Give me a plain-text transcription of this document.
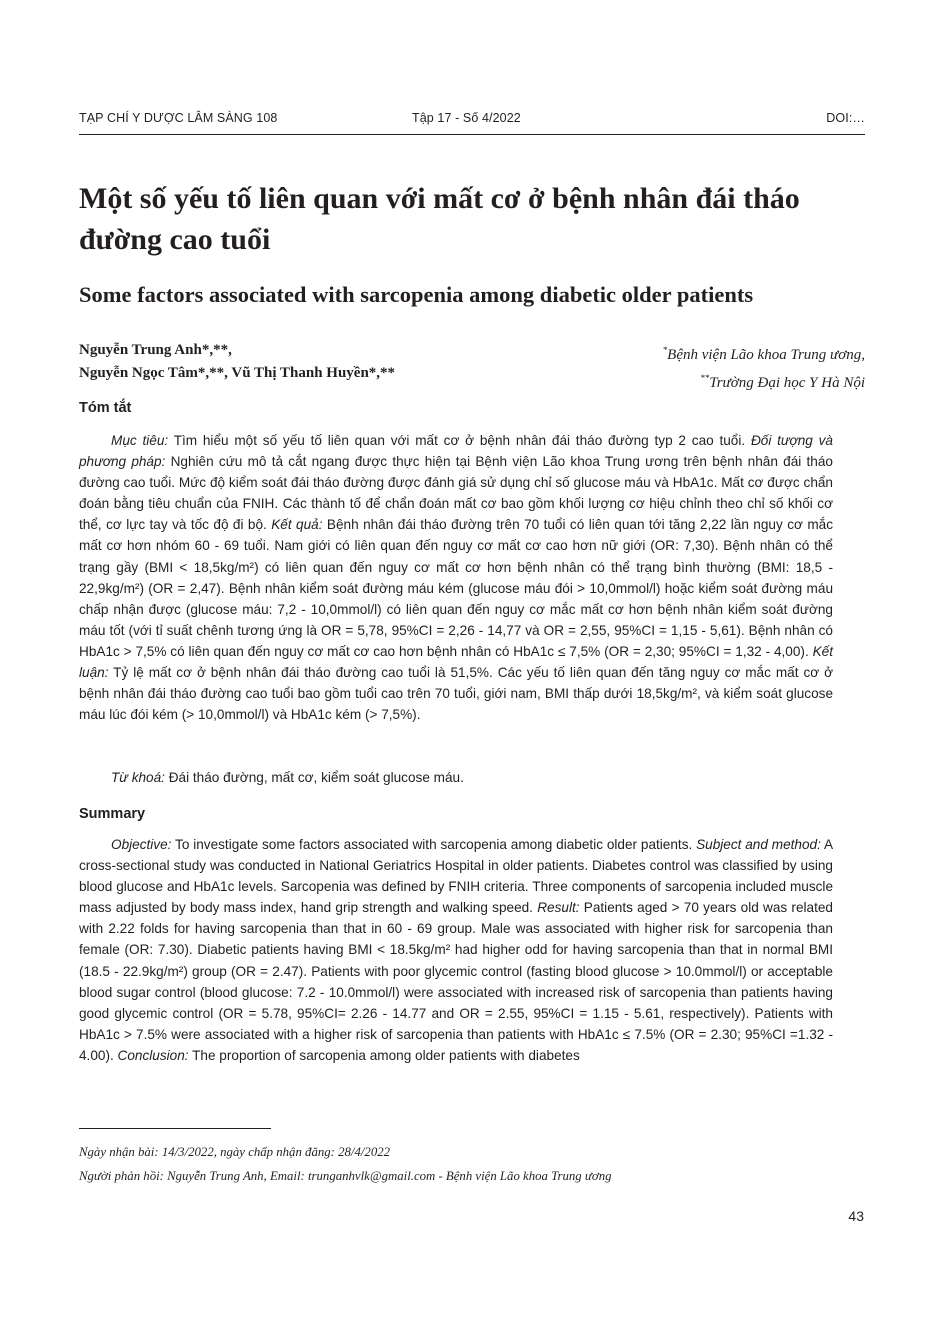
TẠP CHÍ Y DƯỢC LÂM SÀNG 108	Tập 17 - Số 4/2022	DOI:…
Một số yếu tố liên quan với mất cơ ở bệnh nhân đái tháo đường cao tuổi
Some factors associated with sarcopenia among diabetic older patients
Nguyễn Trung Anh*,**,
Nguyễn Ngọc Tâm*,**, Vũ Thị Thanh Huyền*,**
*Bệnh viện Lão khoa Trung ương,
**Trường Đại học Y Hà Nội
Tóm tắt

Mục tiêu: Tìm hiểu một số yếu tố liên quan với mất cơ ở bệnh nhân đái tháo đường typ 2 cao tuổi. Đối tượng và phương pháp: Nghiên cứu mô tả cắt ngang được thực hiện tại Bệnh viện Lão khoa Trung ương trên bệnh nhân đái tháo đường cao tuổi. Mức độ kiểm soát đái tháo đường được đánh giá sử dụng chỉ số glucose máu và HbA1c. Mất cơ được chẩn đoán bằng tiêu chuẩn của FNIH. Các thành tố để chẩn đoán mất cơ bao gồm khối lượng cơ hiệu chỉnh theo chỉ số khối cơ thể, cơ lực tay và tốc độ đi bộ. Kết quả: Bệnh nhân đái tháo đường trên 70 tuổi có liên quan tới tăng 2,22 lần nguy cơ mắc mất cơ hơn nhóm 60 - 69 tuổi. Nam giới có liên quan đến nguy cơ mất cơ cao hơn nữ giới (OR: 7,30). Bệnh nhân có thể trạng gầy (BMI < 18,5kg/m²) có liên quan đến nguy cơ mất cơ hơn bệnh nhân có thể trạng bình thường (BMI: 18,5 - 22,9kg/m²) (OR = 2,47). Bệnh nhân kiểm soát đường máu kém (glucose máu đói > 10,0mmol/l) hoặc kiểm soát đường máu chấp nhận được (glucose máu: 7,2 - 10,0mmol/l) có liên quan đến nguy cơ mắc mất cơ hơn bệnh nhân kiểm soát đường máu tốt (với tỉ suất chênh tương ứng là OR = 5,78, 95%CI = 2,26 - 14,77 và OR = 2,55, 95%CI = 1,15 - 5,61). Bệnh nhân có HbA1c > 7,5% có liên quan đến nguy cơ mất cơ cao hơn bệnh nhân có HbA1c ≤ 7,5% (OR = 2,30; 95%CI = 1,32 - 4,00). Kết luận: Tỷ lệ mất cơ ở bệnh nhân đái tháo đường cao tuổi là 51,5%. Các yếu tố liên quan đến tăng nguy cơ mắc mất cơ ở bệnh nhân đái tháo đường cao tuổi bao gồm tuổi cao trên 70 tuổi, giới nam, BMI thấp dưới 18,5kg/m², và kiểm soát glucose máu lúc đói kém (> 10,0mmol/l) và HbA1c kém (> 7,5%).

Từ khoá: Đái tháo đường, mất cơ, kiểm soát glucose máu.

Summary

Objective: To investigate some factors associated with sarcopenia among diabetic older patients. Subject and method: A cross-sectional study was conducted in National Geriatrics Hospital in older patients. Diabetes control was classified by using blood glucose and HbA1c levels. Sarcopenia was defined by FNIH criteria. Three components of sarcopenia included muscle mass adjusted by body mass index, hand grip strength and walking speed. Result: Patients aged > 70 years old was related with 2.22 folds for having sarcopenia than that in 60 - 69 group. Male was associated with higher risk for sarcopenia than female (OR: 7.30). Diabetic patients having BMI < 18.5kg/m² had higher odd for having sarcopenia than that in normal BMI (18.5 - 22.9kg/m²) group (OR = 2.47). Patients with poor glycemic control (fasting blood glucose > 10.0mmol/l) or acceptable blood sugar control (blood glucose: 7.2 - 10.0mmol/l) were associated with increased risk of sarcopenia than patients having good glycemic control (OR = 5.78, 95%CI= 2.26 - 14.77 and OR = 2.55, 95%CI = 1.15 - 5.61, respectively). Patients with HbA1c > 7.5% were associated with a higher risk of sarcopenia than patients with HbA1c ≤ 7.5% (OR = 2.30; 95%CI =1.32 - 4.00). Conclusion: The proportion of sarcopenia among older patients with diabetes

Ngày nhận bài: 14/3/2022, ngày chấp nhận đăng: 28/4/2022
Người phản hồi: Nguyễn Trung Anh, Email: trunganhvlk@gmail.com - Bệnh viện Lão khoa Trung ương
43
